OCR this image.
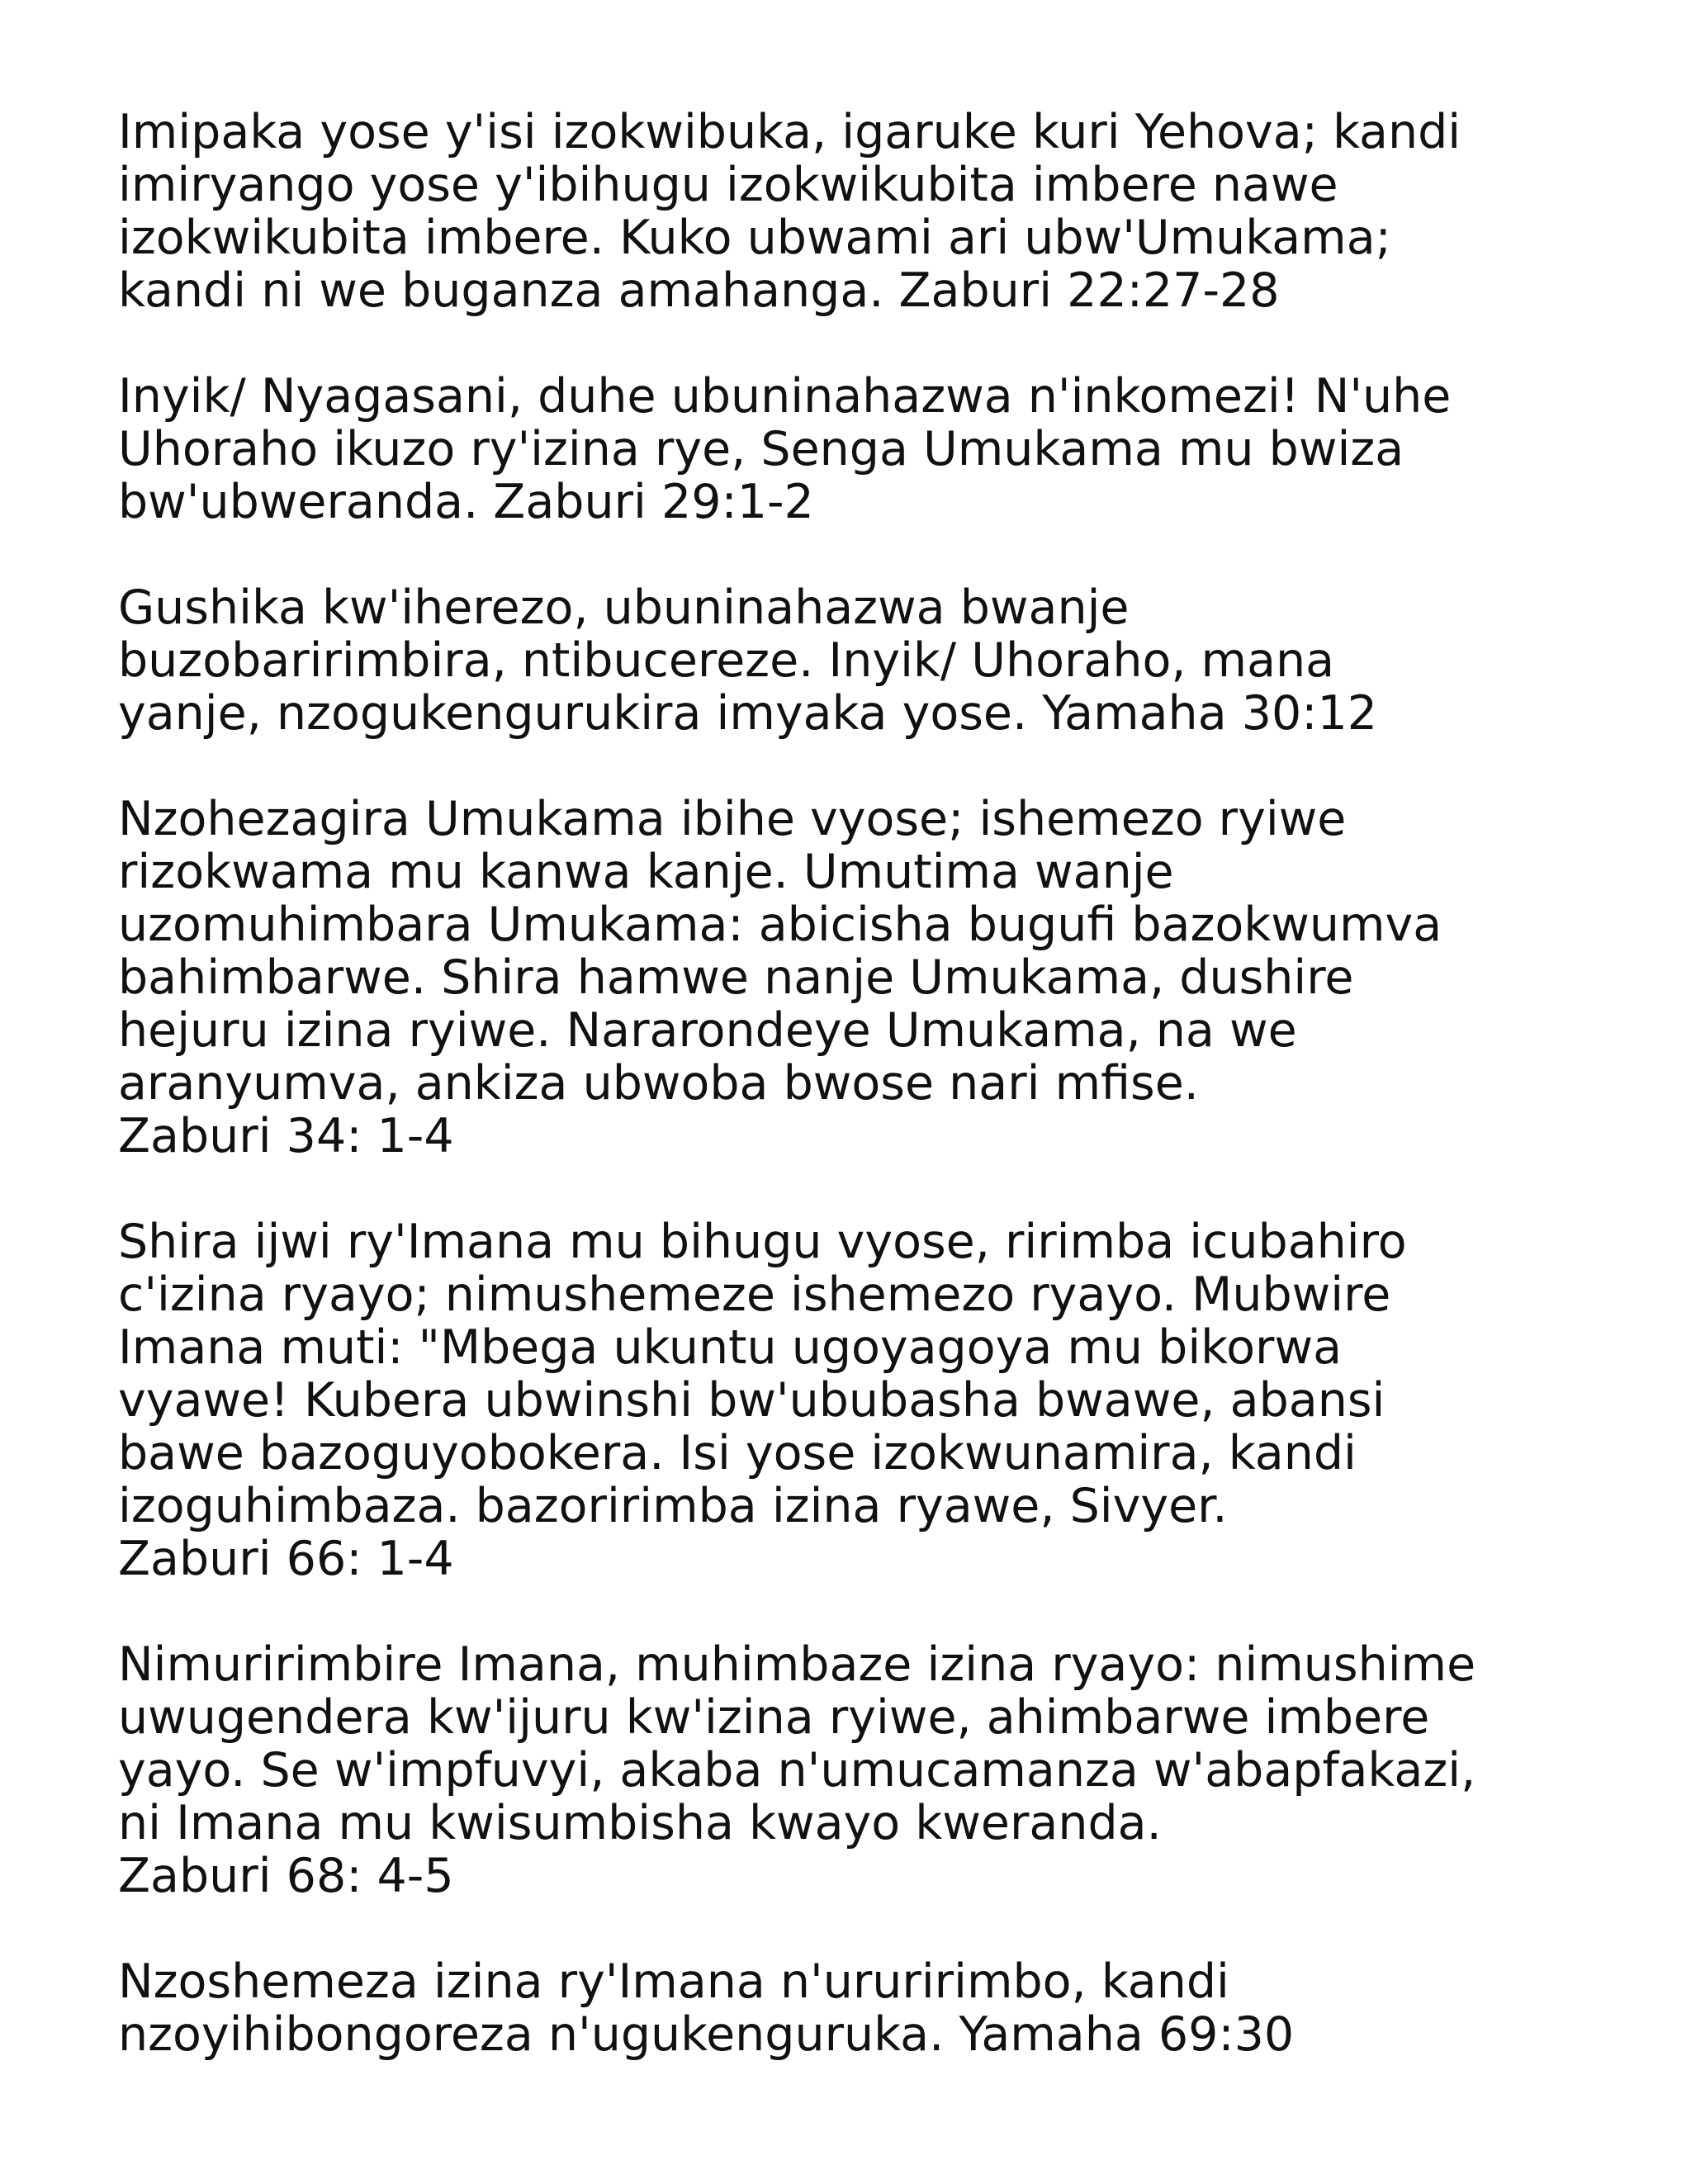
Imipaka yose y'isi izokwibuka, igaruke kuri Yehova; kandi
imiryango yose y'ibihugu izokwikubita imbere nawe
izokwikubita imbere. Kuko ubwami ari ubw'Umukama;
kandi ni we buganza amahanga. Zaburi 22:27-28

Inyik/ Nyagasani, duhe ubuninahazwa n'inkomezi! N'uhe
Uhoraho ikuzo ry'izina rye, Senga Umukama mu bwiza
bw'ubweranda. Zaburi 29:1-2

Gushika kw'iherezo, ubuninahazwa bwanje
buzobaririmbira, ntibucereze. Inyik/ Uhoraho, mana
yanje, nzogukengurukira imyaka yose. Yamaha 30:12

Nzohezagira Umukama ibihe vyose; ishemezo ryiwe
rizokwama mu kanwa kanje. Umutima wanje
uzomuhimbara Umukama: abicisha bugufi bazokwumva
bahimbarwe. Shira hamwe nanje Umukama, dushire
hejuru izina ryiwe. Nararondeye Umukama, na we
aranyumva, ankiza ubwoba bwose nari mfise.
Zaburi 34: 1-4

Shira ijwi ry'Imana mu bihugu vyose, ririmba icubahiro
c'izina ryayo; nimushemeze ishemezo ryayo. Mubwire
Imana muti: "Mbega ukuntu ugoyagoya mu bikorwa
vyawe! Kubera ubwinshi bw'ububasha bwawe, abansi
bawe bazoguyobokera. Isi yose izokwunamira, kandi
izoguhimbaza. bazoririmba izina ryawe, Sivyer.
Zaburi 66: 1-4

Nimuririmbire Imana, muhimbaze izina ryayo: nimushime
uwugendera kw'ijuru kw'izina ryiwe, ahimbarwe imbere
yayo. Se w'impfuvyi, akaba n'umucamanza w'abapfakazi,
ni Imana mu kwisumbisha kwayo kweranda.
Zaburi 68: 4-5

Nzoshemeza izina ry'Imana n'ururirimbo, kandi
nzoyihibongoreza n'ugukenguruka. Yamaha 69:30
